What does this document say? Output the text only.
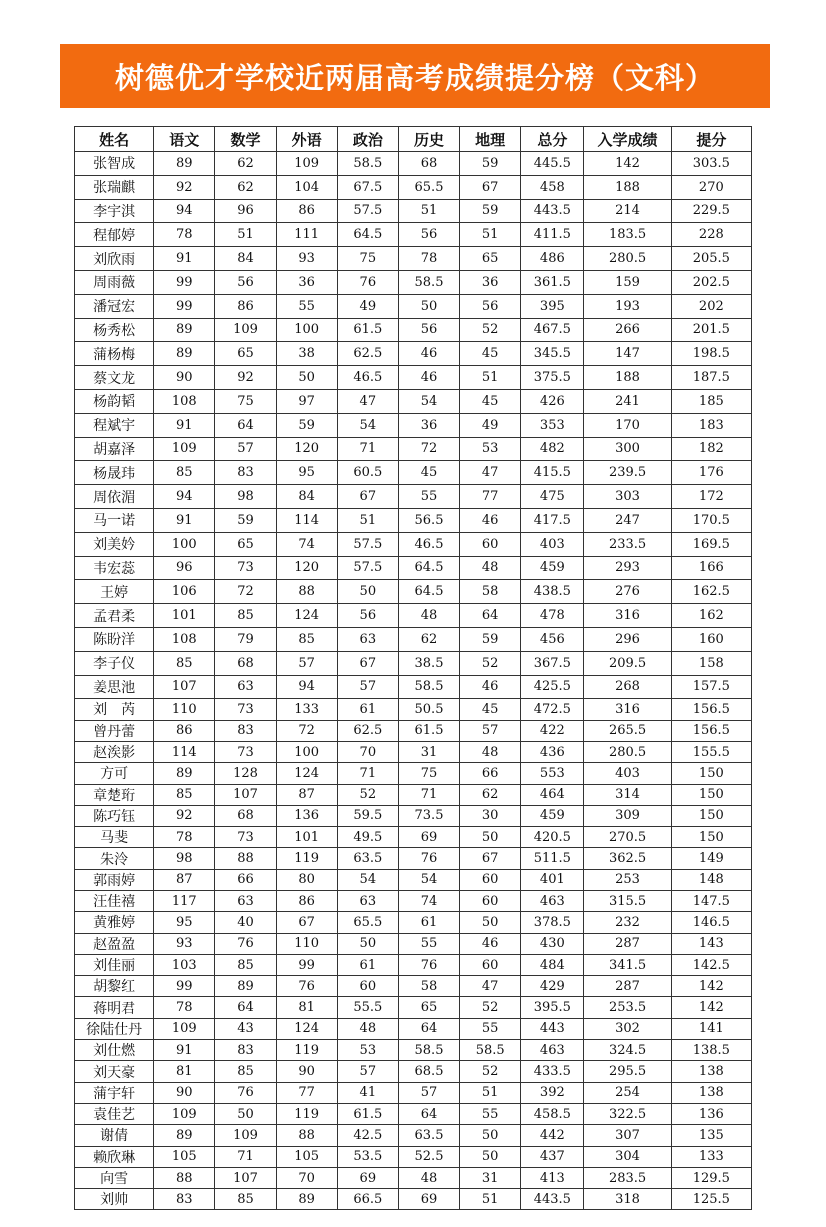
树德优才学校近两届高考成绩提分榜（文科）
姓名	语文	数学	外语	政治	历史	地理	总分	入学成绩	提分
张智成	89	62	109	58.5	68	59	445.5	142	303.5
张瑞麒	92	62	104	67.5	65.5	67	458	188	270
李宇淇	94	96	86	57.5	51	59	443.5	214	229.5
程郁婷	78	51	111	64.5	56	51	411.5	183.5	228
刘欣雨	91	84	93	75	78	65	486	280.5	205.5
周雨薇	99	56	36	76	58.5	36	361.5	159	202.5
潘冠宏	99	86	55	49	50	56	395	193	202
杨秀松	89	109	100	61.5	56	52	467.5	266	201.5
蒲杨梅	89	65	38	62.5	46	45	345.5	147	198.5
蔡文龙	90	92	50	46.5	46	51	375.5	188	187.5
杨韵韬	108	75	97	47	54	45	426	241	185
程斌宇	91	64	59	54	36	49	353	170	183
胡嘉泽	109	57	120	71	72	53	482	300	182
杨晟玮	85	83	95	60.5	45	47	415.5	239.5	176
周依湄	94	98	84	67	55	77	475	303	172
马一诺	91	59	114	51	56.5	46	417.5	247	170.5
刘美妗	100	65	74	57.5	46.5	60	403	233.5	169.5
韦宏蕊	96	73	120	57.5	64.5	48	459	293	166
王婷	106	72	88	50	64.5	58	438.5	276	162.5
孟君柔	101	85	124	56	48	64	478	316	162
陈盼洋	108	79	85	63	62	59	456	296	160
李子仪	85	68	57	67	38.5	52	367.5	209.5	158
姜思池	107	63	94	57	58.5	46	425.5	268	157.5
刘　芮	110	73	133	61	50.5	45	472.5	316	156.5
曾丹蕾	86	83	72	62.5	61.5	57	422	265.5	156.5
赵涘影	114	73	100	70	31	48	436	280.5	155.5
方可	89	128	124	71	75	66	553	403	150
章楚珩	85	107	87	52	71	62	464	314	150
陈巧钰	92	68	136	59.5	73.5	30	459	309	150
马斐	78	73	101	49.5	69	50	420.5	270.5	150
朱泠	98	88	119	63.5	76	67	511.5	362.5	149
郭雨婷	87	66	80	54	54	60	401	253	148
汪佳禧	117	63	86	63	74	60	463	315.5	147.5
黄雅婷	95	40	67	65.5	61	50	378.5	232	146.5
赵盈盈	93	76	110	50	55	46	430	287	143
刘佳丽	103	85	99	61	76	60	484	341.5	142.5
胡黎红	99	89	76	60	58	47	429	287	142
蒋明君	78	64	81	55.5	65	52	395.5	253.5	142
徐陆仕丹	109	43	124	48	64	55	443	302	141
刘仕燃	91	83	119	53	58.5	58.5	463	324.5	138.5
刘天豪	81	85	90	57	68.5	52	433.5	295.5	138
蒲宇轩	90	76	77	41	57	51	392	254	138
袁佳艺	109	50	119	61.5	64	55	458.5	322.5	136
谢倩	89	109	88	42.5	63.5	50	442	307	135
赖欣琳	105	71	105	53.5	52.5	50	437	304	133
向雪	88	107	70	69	48	31	413	283.5	129.5
刘帅	83	85	89	66.5	69	51	443.5	318	125.5
